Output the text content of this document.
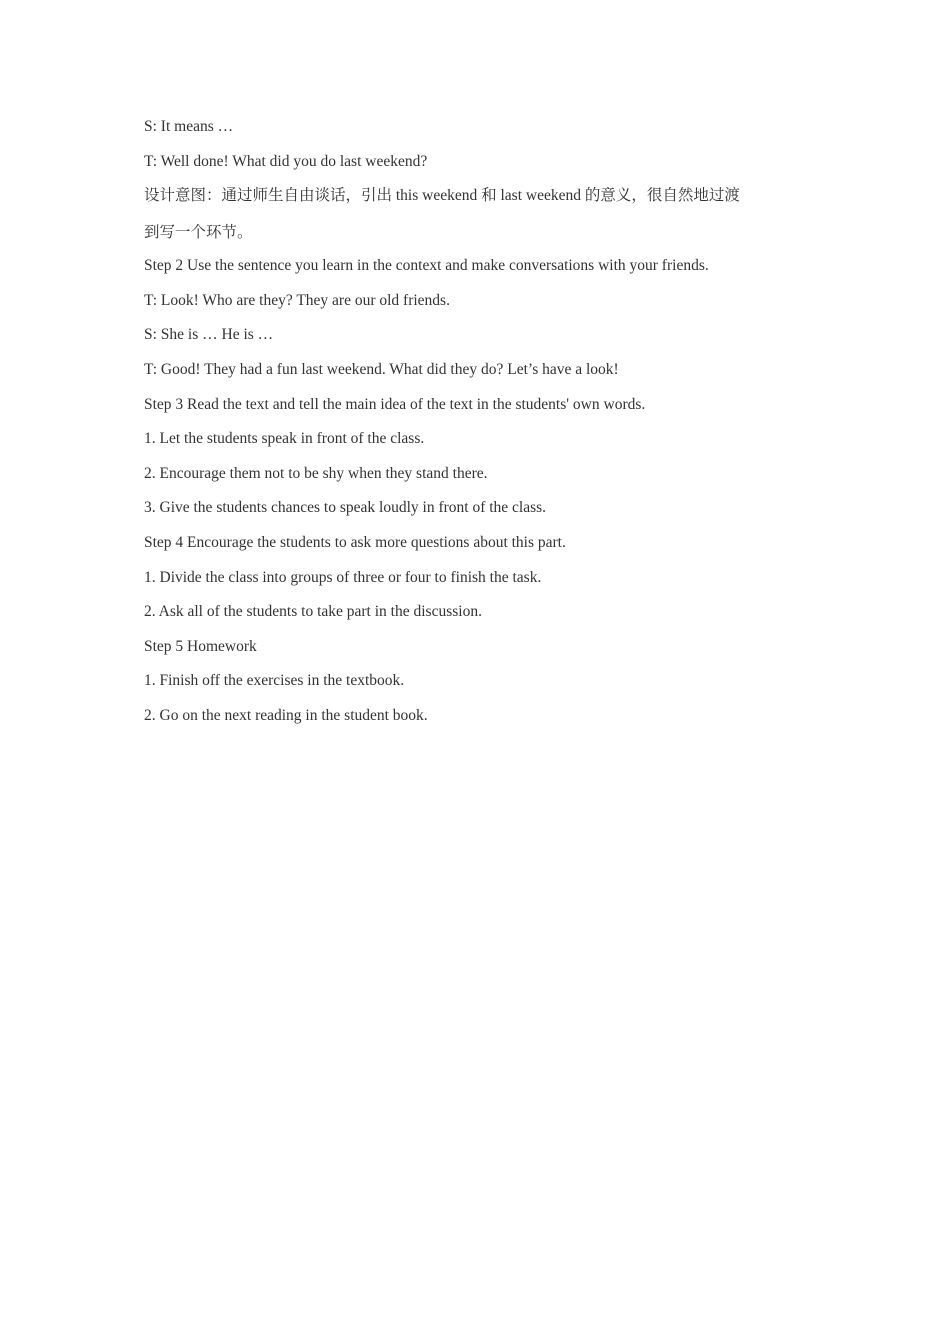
S: It means …
T: Well done! What did you do last weekend?
设计意图：通过师生自由谈话，引出 this weekend 和 last weekend 的意义，很自然地过渡
到写一个环节。
Step 2 Use the sentence you learn in the context and make conversations with your friends.
T: Look! Who are they? They are our old friends.
S: She is … He is …
T: Good! They had a fun last weekend. What did they do? Let’s have a look!
Step 3 Read the text and tell the main idea of the text in the students' own words.
1. Let the students speak in front of the class.
2. Encourage them not to be shy when they stand there.
3. Give the students chances to speak loudly in front of the class.
Step 4 Encourage the students to ask more questions about this part.
1. Divide the class into groups of three or four to finish the task.
2. Ask all of the students to take part in the discussion.
Step 5 Homework
1. Finish off the exercises in the textbook.
2. Go on the next reading in the student book.
